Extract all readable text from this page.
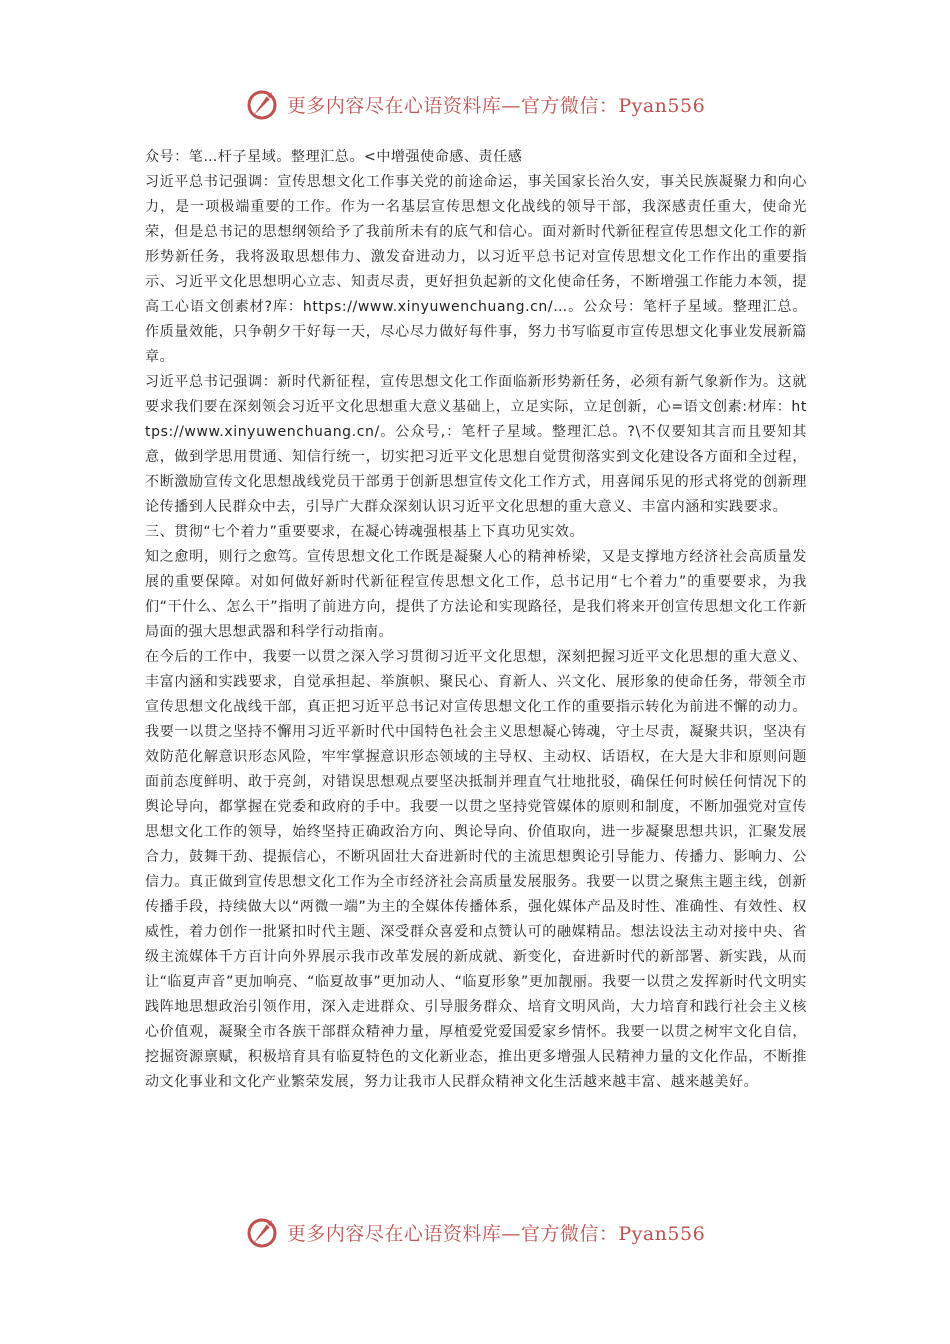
更多内容尽在心语资料库—官方微信：Pyan556

众号：笔…杆子星域。整理汇总。<中增强使命感、责任感

习近平总书记强调：宣传思想文化工作事关党的前途命运，事关国家长治久安，事关民族凝聚力和向心力，是一项极端重要的工作。作为一名基层宣传思想文化战线的领导干部，我深感责任重大，使命光荣，但是总书记的思想纲领给予了我前所未有的底气和信心。面对新时代新征程宣传思想文化工作的新形势新任务，我将汲取思想伟力、激发奋进动力，以习近平总书记对宣传思想文化工作作出的重要指示、习近平文化思想明心立志、知责尽责，更好担负起新的文化使命任务，不断增强工作能力本领，提高工心语文创素材?库：https://www.xinyuwenchuang.cn/…。公众号：笔杆子星域。整理汇总。作质量效能，只争朝夕干好每一天，尽心尽力做好每件事，努力书写临夏市宣传思想文化事业发展新篇章。

习近平总书记强调：新时代新征程，宣传思想文化工作面临新形势新任务，必须有新气象新作为。这就要求我们要在深刻领会习近平文化思想重大意义基础上，立足实际，立足创新，心=语文创素:材库：https://www.xinyuwenchuang.cn/。公众号,：笔杆子星域。整理汇总。?\不仅要知其言而且要知其意，做到学思用贯通、知信行统一，切实把习近平文化思想自觉贯彻落实到文化建设各方面和全过程，不断激励宣传文化思想战线党员干部勇于创新思想宣传文化工作方式，用喜闻乐见的形式将党的创新理论传播到人民群众中去，引导广大群众深刻认识习近平文化思想的重大意义、丰富内涵和实践要求。

三、贯彻“七个着力”重要要求，在凝心铸魂强根基上下真功见实效。

知之愈明，则行之愈笃。宣传思想文化工作既是凝聚人心的精神桥梁，又是支撑地方经济社会高质量发展的重要保障。对如何做好新时代新征程宣传思想文化工作，总书记用“七个着力”的重要要求，为我们“干什么、怎么干”指明了前进方向，提供了方法论和实现路径，是我们将来开创宣传思想文化工作新局面的强大思想武器和科学行动指南。

在今后的工作中，我要一以贯之深入学习贯彻习近平文化思想，深刻把握习近平文化思想的重大意义、丰富内涵和实践要求，自觉承担起、举旗帜、聚民心、育新人、兴文化、展形象的使命任务，带领全市宣传思想文化战线干部，真正把习近平总书记对宣传思想文化工作的重要指示转化为前进不懈的动力。我要一以贯之坚持不懈用习近平新时代中国特色社会主义思想凝心铸魂，守土尽责，凝聚共识，坚决有效防范化解意识形态风险，牢牢掌握意识形态领域的主导权、主动权、话语权，在大是大非和原则问题面前态度鲜明、敢于亮剑，对错误思想观点要坚决抵制并理直气壮地批驳，确保任何时候任何情况下的舆论导向，都掌握在党委和政府的手中。我要一以贯之坚持党管媒体的原则和制度，不断加强党对宣传思想文化工作的领导，始终坚持正确政治方向、舆论导向、价值取向，进一步凝聚思想共识，汇聚发展合力，鼓舞干劲、提振信心，不断巩固壮大奋进新时代的主流思想舆论引导能力、传播力、影响力、公信力。真正做到宣传思想文化工作为全市经济社会高质量发展服务。我要一以贯之聚焦主题主线，创新传播手段，持续做大以“两微一端”为主的全媒体传播体系，强化媒体产品及时性、准确性、有效性、权威性，着力创作一批紧扣时代主题、深受群众喜爱和点赞认可的融媒精品。想法设法主动对接中央、省级主流媒体千方百计向外界展示我市改革发展的新成就、新变化，奋进新时代的新部署、新实践，从而让“临夏声音”更加响亮、“临夏故事”更加动人、“临夏形象”更加靓丽。我要一以贯之发挥新时代文明实践阵地思想政治引领作用，深入走进群众、引导服务群众、培育文明风尚，大力培育和践行社会主义核心价值观，凝聚全市各族干部群众精神力量，厚植爱党爱国爱家乡情怀。我要一以贯之树牢文化自信，挖掘资源禀赋，积极培育具有临夏特色的文化新业态，推出更多增强人民精神力量的文化作品，不断推动文化事业和文化产业繁荣发展，努力让我市人民群众精神文化生活越来越丰富、越来越美好。

更多内容尽在心语资料库—官方微信：Pyan556
